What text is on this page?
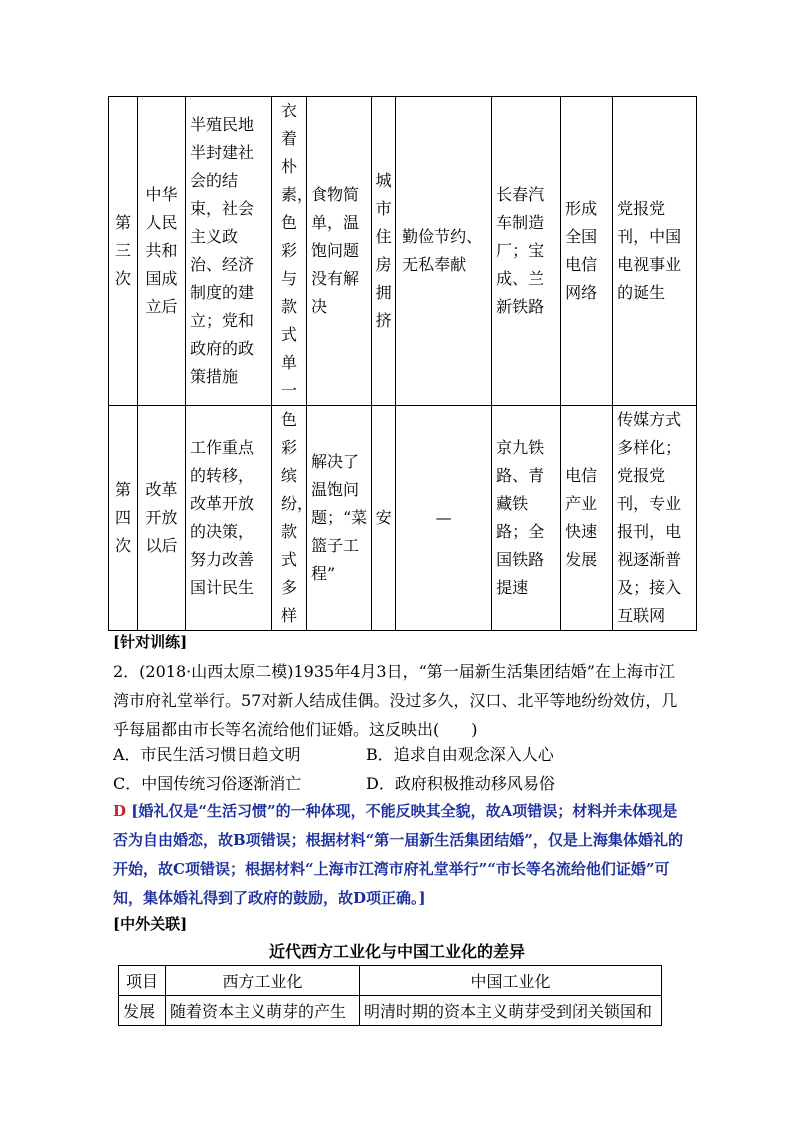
第三次	中华人民共和国成立后	半殖民地半封建社会的结束，社会主义政治、经济制度的建立；党和政府的政策措施	衣着朴素，色彩与款式单一	食物简单，温饱问题没有解决	城市住房拥挤	勤俭节约、无私奉献	长春汽车制造厂；宝成、兰新铁路	形成全国电信网络	党报党刊，中国电视事业的诞生

第四次	改革开放以后	工作重点的转移，改革开放的决策，努力改善国计民生	色彩缤纷，款式多样	解决了温饱问题；“菜篮子工程”	安	—	京九铁路、青藏铁路；全国铁路提速	电信产业快速发展	传媒方式多样化；党报党刊，专业报刊，电视逐渐普及；接入互联网
[针对训练]
2．(2018·山西太原二模)1935年4月3日，“第一届新生活集团结婚”在上海市江湾市府礼堂举行。57对新人结成佳偶。没过多久，汉口、北平等地纷纷效仿，几乎每届都由市长等名流给他们证婚。这反映出(　　)
A．市民生活习惯日趋文明	B．追求自由观念深入人心
C．中国传统习俗逐渐消亡	D．政府积极推动移风易俗
D [婚礼仅是“生活习惯”的一种体现，不能反映其全貌，故A项错误；材料并未体现是否为自由婚恋，故B项错误；根据材料“第一届新生活集团结婚”，仅是上海集体婚礼的开始，故C项错误；根据材料“上海市江湾市府礼堂举行”“市长等名流给他们证婚”可知，集体婚礼得到了政府的鼓励，故D项正确。]
[中外关联]
近代西方工业化与中国工业化的差异
项目	西方工业化	中国工业化
发展	随着资本主义萌芽的产生	明清时期的资本主义萌芽受到闭关锁国和
